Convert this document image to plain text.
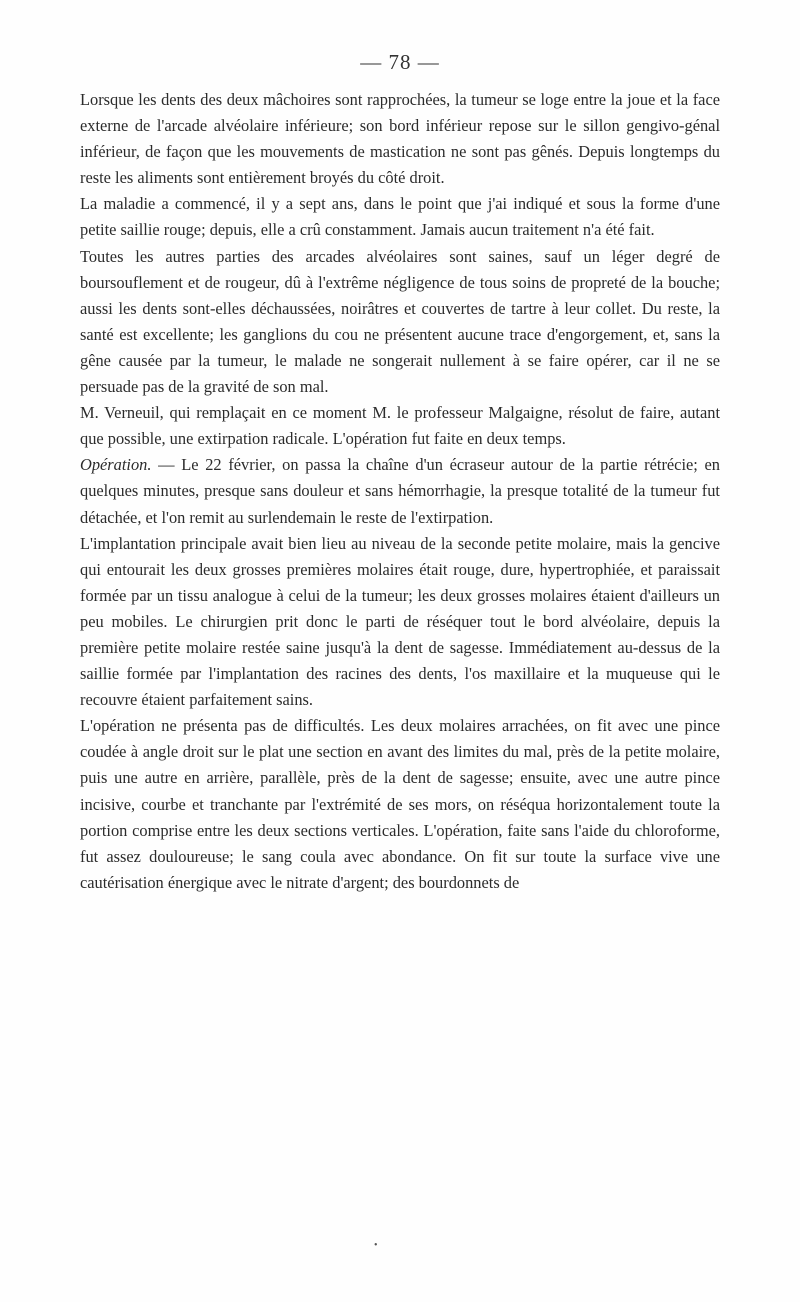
— 78 —

Lorsque les dents des deux mâchoires sont rapprochées, la tumeur se loge entre la joue et la face externe de l'arcade alvéolaire inférieure; son bord inférieur repose sur le sillon gengivo-génal inférieur, de façon que les mouvements de mastication ne sont pas gênés. Depuis longtemps du reste les aliments sont entièrement broyés du côté droit.

La maladie a commencé, il y a sept ans, dans le point que j'ai indiqué et sous la forme d'une petite saillie rouge; depuis, elle a crû constamment. Jamais aucun traitement n'a été fait.

Toutes les autres parties des arcades alvéolaires sont saines, sauf un léger degré de boursouflement et de rougeur, dû à l'extrême négligence de tous soins de propreté de la bouche; aussi les dents sont-elles déchaussées, noirâtres et couvertes de tartre à leur collet. Du reste, la santé est excellente; les ganglions du cou ne présentent aucune trace d'engorgement, et, sans la gêne causée par la tumeur, le malade ne songerait nullement à se faire opérer, car il ne se persuade pas de la gravité de son mal.

M. Verneuil, qui remplaçait en ce moment M. le professeur Malgaigne, résolut de faire, autant que possible, une extirpation radicale. L'opération fut faite en deux temps.

Opération. — Le 22 février, on passa la chaîne d'un écraseur autour de la partie rétrécie; en quelques minutes, presque sans douleur et sans hémorrhagie, la presque totalité de la tumeur fut détachée, et l'on remit au surlendemain le reste de l'extirpation.

L'implantation principale avait bien lieu au niveau de la seconde petite molaire, mais la gencive qui entourait les deux grosses premières molaires était rouge, dure, hypertrophiée, et paraissait formée par un tissu analogue à celui de la tumeur; les deux grosses molaires étaient d'ailleurs un peu mobiles. Le chirurgien prit donc le parti de réséquer tout le bord alvéolaire, depuis la première petite molaire restée saine jusqu'à la dent de sagesse. Immédiatement au-dessus de la saillie formée par l'implantation des racines des dents, l'os maxillaire et la muqueuse qui le recouvre étaient parfaitement sains.

L'opération ne présenta pas de difficultés. Les deux molaires arrachées, on fit avec une pince coudée à angle droit sur le plat une section en avant des limites du mal, près de la petite molaire, puis une autre en arrière, parallèle, près de la dent de sagesse; ensuite, avec une autre pince incisive, courbe et tranchante par l'extrémité de ses mors, on réséqua horizontalement toute la portion comprise entre les deux sections verticales. L'opération, faite sans l'aide du chloroforme, fut assez douloureuse; le sang coula avec abondance. On fit sur toute la surface vive une cautérisation énergique avec le nitrate d'argent; des bourdonnets de

•
